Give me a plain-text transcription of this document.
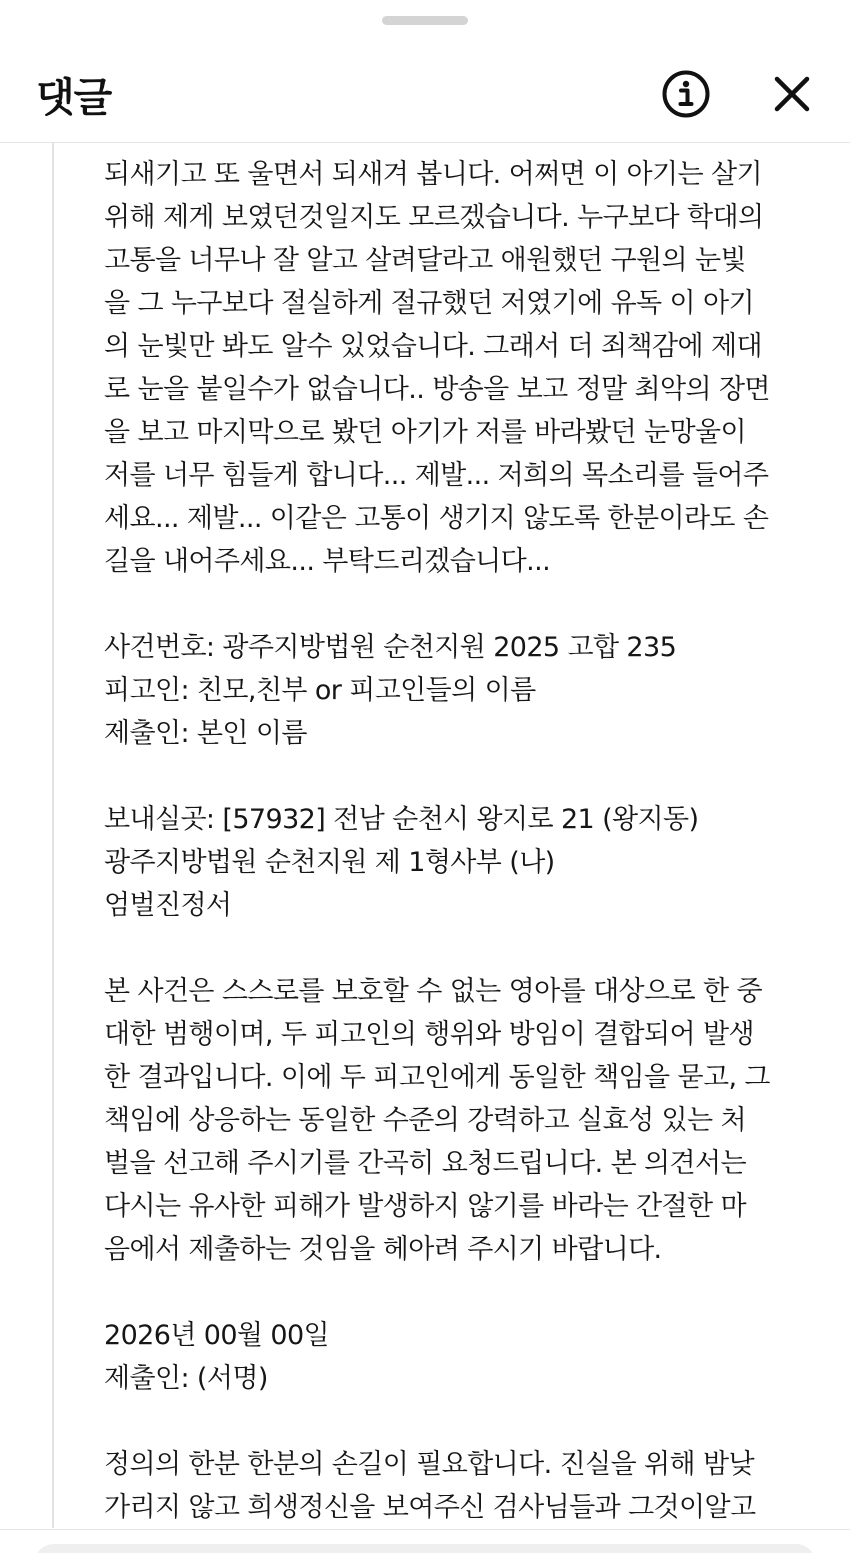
댓글
되새기고 또 울면서 되새겨 봅니다. 어쩌면 이 아기는 살기
위해 제게 보였던것일지도 모르겠습니다. 누구보다 학대의
고통을 너무나 잘 알고 살려달라고 애원했던 구원의 눈빛
을 그 누구보다 절실하게 절규했던 저였기에 유독 이 아기
의 눈빛만 봐도 알수 있었습니다. 그래서 더 죄책감에 제대
로 눈을 붙일수가 없습니다.. 방송을 보고 정말 최악의 장면
을 보고 마지막으로 봤던 아기가 저를 바라봤던 눈망울이
저를 너무 힘들게 합니다... 제발... 저희의 목소리를 들어주
세요... 제발... 이같은 고통이 생기지 않도록 한분이라도 손
길을 내어주세요... 부탁드리겠습니다...
사건번호: 광주지방법원 순천지원 2025 고합 235
피고인: 친모,친부 or 피고인들의 이름
제출인: 본인 이름
보내실곳: [57932] 전남 순천시 왕지로 21 (왕지동)
광주지방법원 순천지원 제 1형사부 (나)
엄벌진정서
본 사건은 스스로를 보호할 수 없는 영아를 대상으로 한 중
대한 범행이며, 두 피고인의 행위와 방임이 결합되어 발생
한 결과입니다. 이에 두 피고인에게 동일한 책임을 묻고, 그
책임에 상응하는 동일한 수준의 강력하고 실효성 있는 처
벌을 선고해 주시기를 간곡히 요청드립니다. 본 의견서는
다시는 유사한 피해가 발생하지 않기를 바라는 간절한 마
음에서 제출하는 것임을 헤아려 주시기 바랍니다.
2026년 00월 00일
제출인: (서명)
정의의 한분 한분의 손길이 필요합니다. 진실을 위해 밤낮
가리지 않고 희생정신을 보여주신 검사님들과 그것이알고
